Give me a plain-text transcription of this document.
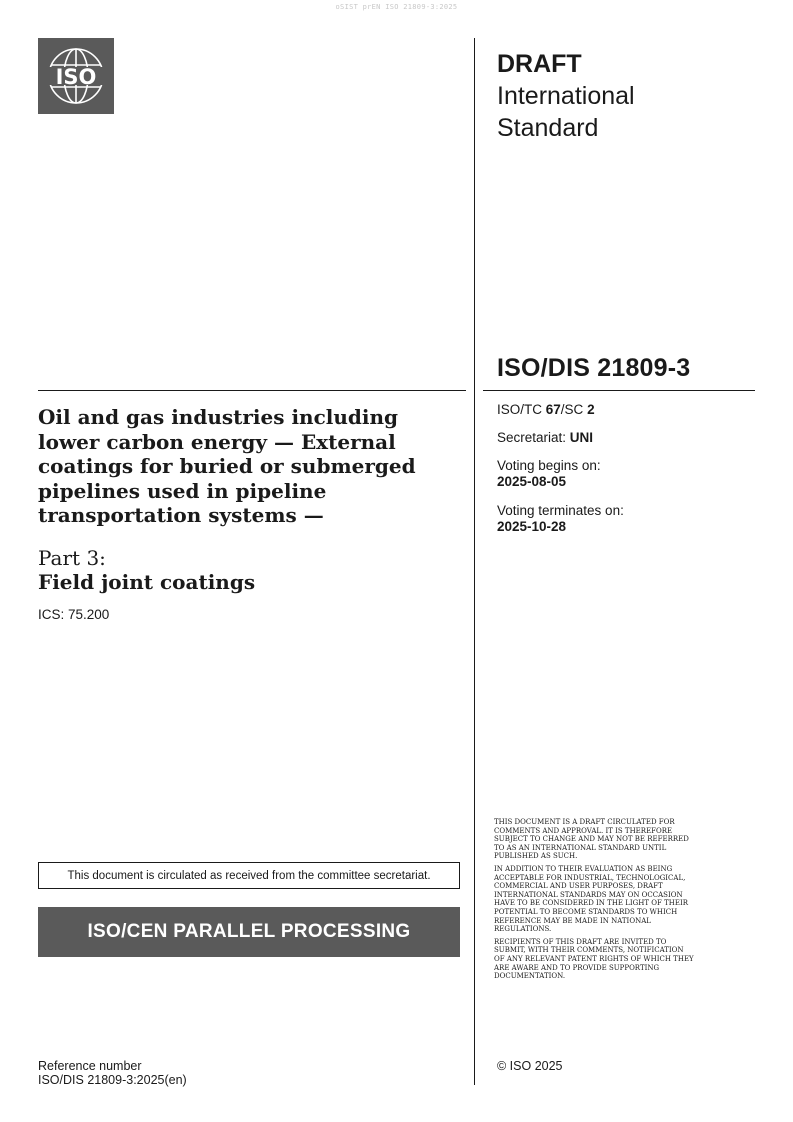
oSIST prEN ISO 21809-3:2025
ISO	DRAFT
International
Standard
ISO/DIS 21809-3
Oil and gas industries including lower carbon energy — External coatings for buried or submerged pipelines used in pipeline transportation systems —
Part 3:
Field joint coatings
ICS: 75.200
ISO/TC 67/SC 2
Secretariat: UNI
Voting begins on:
2025-08-05
Voting terminates on:
2025-10-28

THIS DOCUMENT IS A DRAFT CIRCULATED FOR COMMENTS AND APPROVAL. IT IS THEREFORE SUBJECT TO CHANGE AND MAY NOT BE REFERRED TO AS AN INTERNATIONAL STANDARD UNTIL PUBLISHED AS SUCH.

IN ADDITION TO THEIR EVALUATION AS BEING ACCEPTABLE FOR INDUSTRIAL, TECHNOLOGICAL, COMMERCIAL AND USER PURPOSES, DRAFT INTERNATIONAL STANDARDS MAY ON OCCASION HAVE TO BE CONSIDERED IN THE LIGHT OF THEIR POTENTIAL TO BECOME STANDARDS TO WHICH REFERENCE MAY BE MADE IN NATIONAL REGULATIONS.

RECIPIENTS OF THIS DRAFT ARE INVITED TO SUBMIT, WITH THEIR COMMENTS, NOTIFICATION OF ANY RELEVANT PATENT RIGHTS OF WHICH THEY ARE AWARE AND TO PROVIDE SUPPORTING DOCUMENTATION.

This document is circulated as received from the committee secretariat.
ISO/CEN PARALLEL PROCESSING
Reference number
ISO/DIS 21809-3:2025(en)
© ISO 2025
